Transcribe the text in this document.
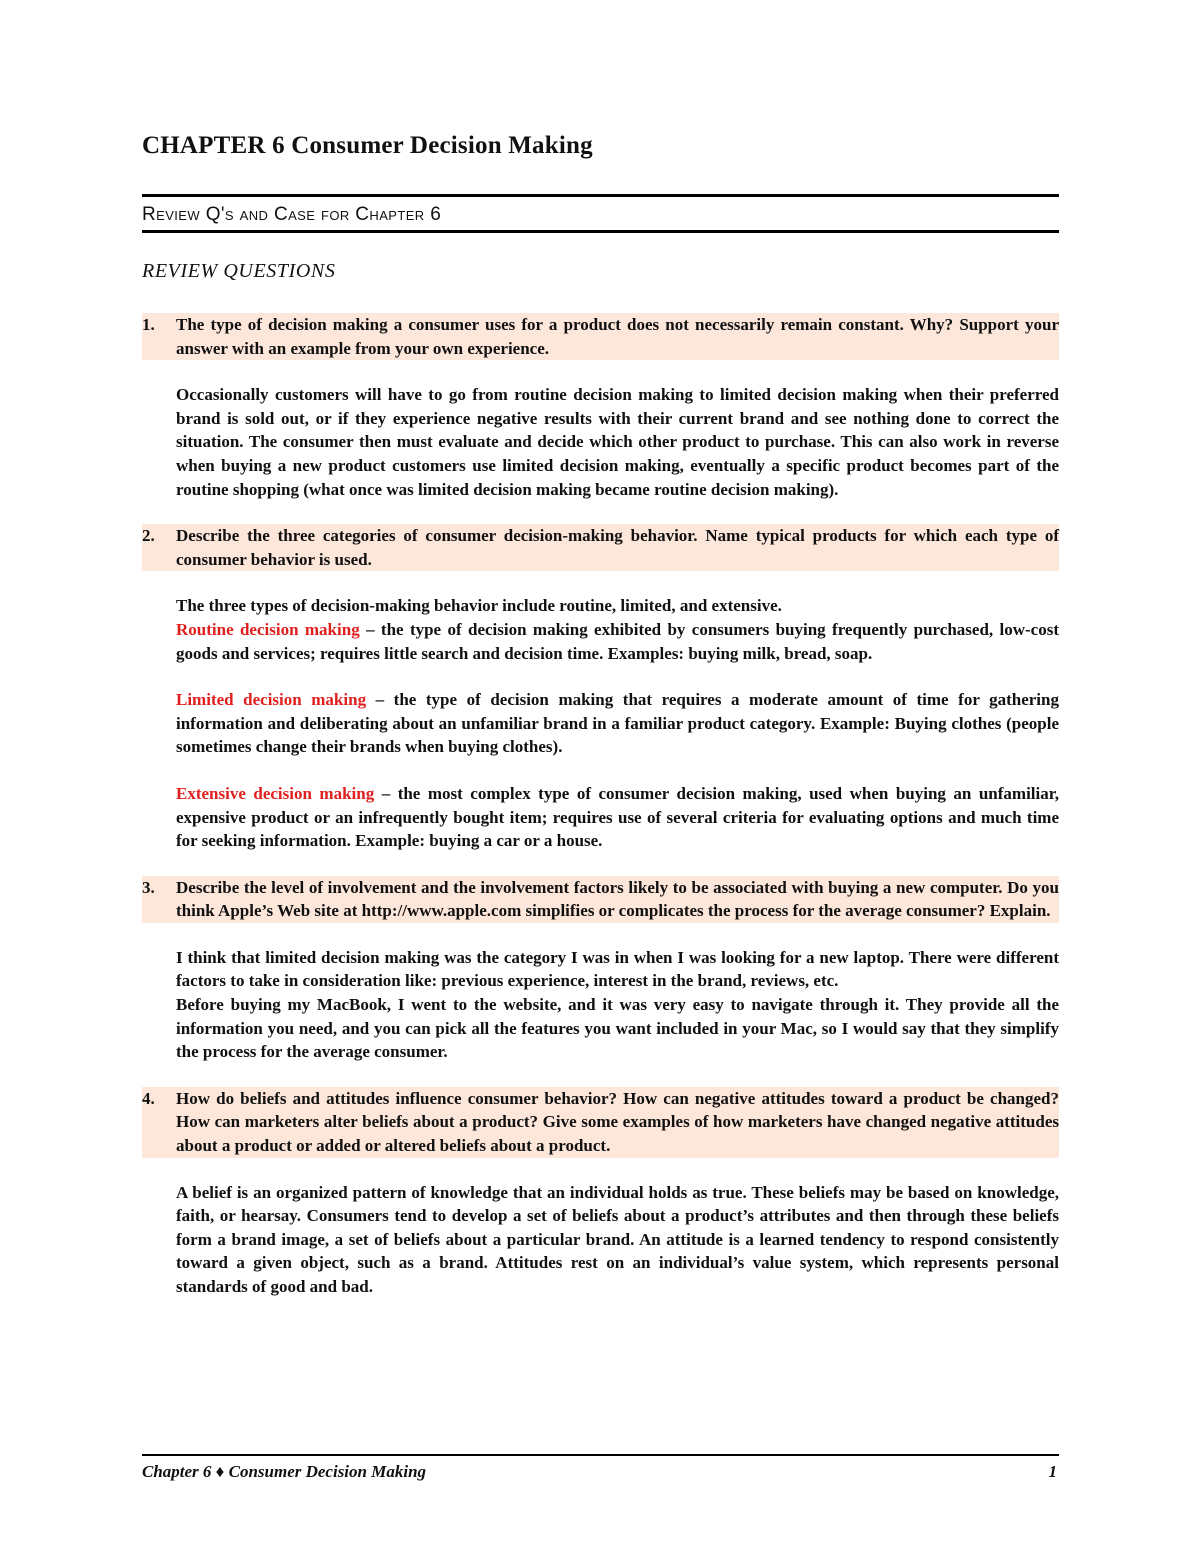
CHAPTER 6 Consumer Decision Making
Review Q's and Case for Chapter 6
REVIEW QUESTIONS

1.	The type of decision making a consumer uses for a product does not necessarily remain constant. Why? Support your answer with an example from your own experience.

Occasionally customers will have to go from routine decision making to limited decision making when their preferred brand is sold out, or if they experience negative results with their current brand and see nothing done to correct the situation. The consumer then must evaluate and decide which other product to purchase. This can also work in reverse when buying a new product customers use limited decision making, eventually a specific product becomes part of the routine shopping (what once was limited decision making became routine decision making).

2.	Describe the three categories of consumer decision-making behavior. Name typical products for which each type of consumer behavior is used.

The three types of decision-making behavior include routine, limited, and extensive.

Routine decision making – the type of decision making exhibited by consumers buying frequently purchased, low-cost goods and services; requires little search and decision time. Examples: buying milk, bread, soap.

Limited decision making – the type of decision making that requires a moderate amount of time for gathering information and deliberating about an unfamiliar brand in a familiar product category. Example: Buying clothes (people sometimes change their brands when buying clothes).

Extensive decision making – the most complex type of consumer decision making, used when buying an unfamiliar, expensive product or an infrequently bought item; requires use of several criteria for evaluating options and much time for seeking information. Example: buying a car or a house.

3.	Describe the level of involvement and the involvement factors likely to be associated with buying a new computer. Do you think Apple’s Web site at http://www.apple.com simplifies or complicates the process for the average consumer? Explain.

I think that limited decision making was the category I was in when I was looking for a new laptop. There were different factors to take in consideration like: previous experience, interest in the brand, reviews, etc.

Before buying my MacBook, I went to the website, and it was very easy to navigate through it. They provide all the information you need, and you can pick all the features you want included in your Mac, so I would say that they simplify the process for the average consumer.

4.	How do beliefs and attitudes influence consumer behavior? How can negative attitudes toward a product be changed? How can marketers alter beliefs about a product? Give some examples of how marketers have changed negative attitudes about a product or added or altered beliefs about a product.

A belief is an organized pattern of knowledge that an individual holds as true. These beliefs may be based on knowledge, faith, or hearsay. Consumers tend to develop a set of beliefs about a product’s attributes and then through these beliefs form a brand image, a set of beliefs about a particular brand. An attitude is a learned tendency to respond consistently toward a given object, such as a brand. Attitudes rest on an individual’s value system, which represents personal standards of good and bad.

Chapter 6 ♦ Consumer Decision Making	1
